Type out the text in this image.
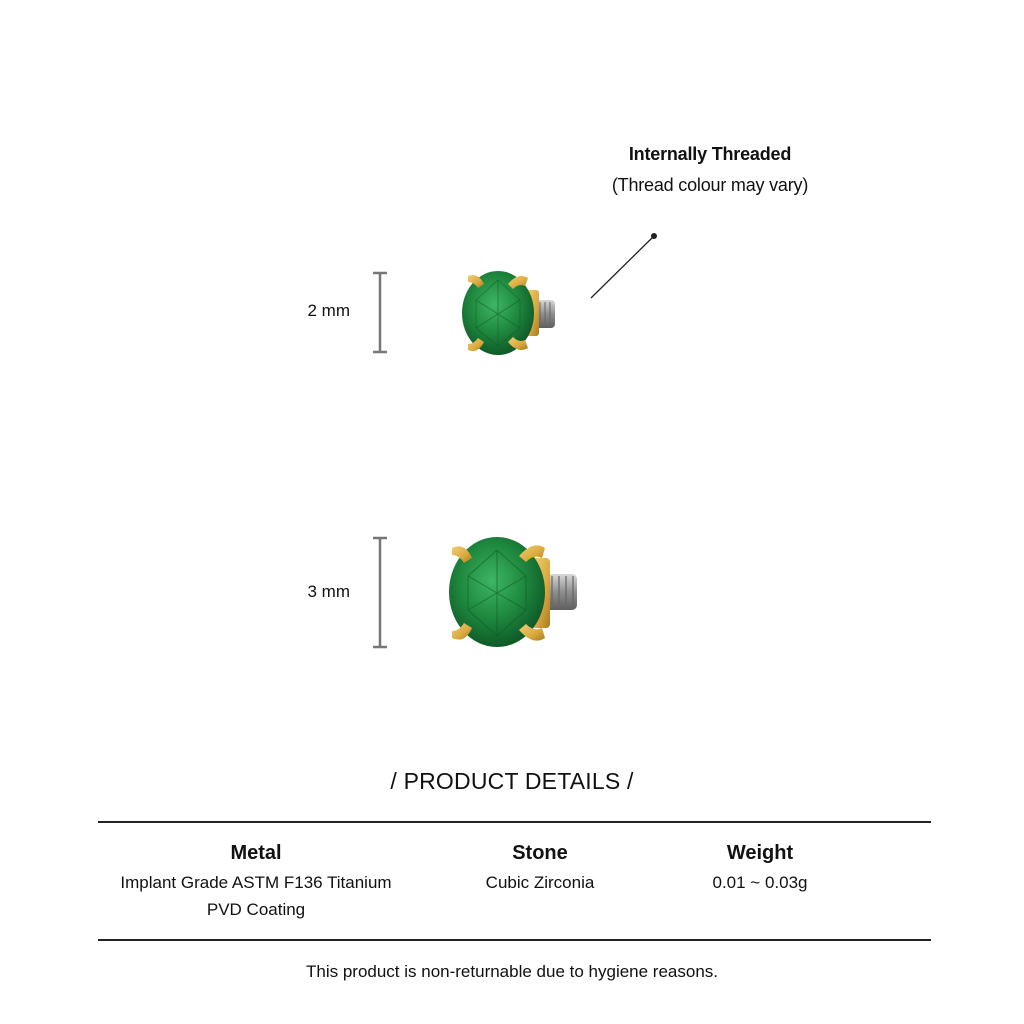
Internally Threaded
(Thread colour may vary)
2 mm
3 mm
/ PRODUCT DETAILS /
Metal
Implant Grade ASTM F136 Titanium
PVD Coating
Stone
Cubic Zirconia
Weight
0.01 ~ 0.03g
This product is non-returnable due to hygiene reasons.
